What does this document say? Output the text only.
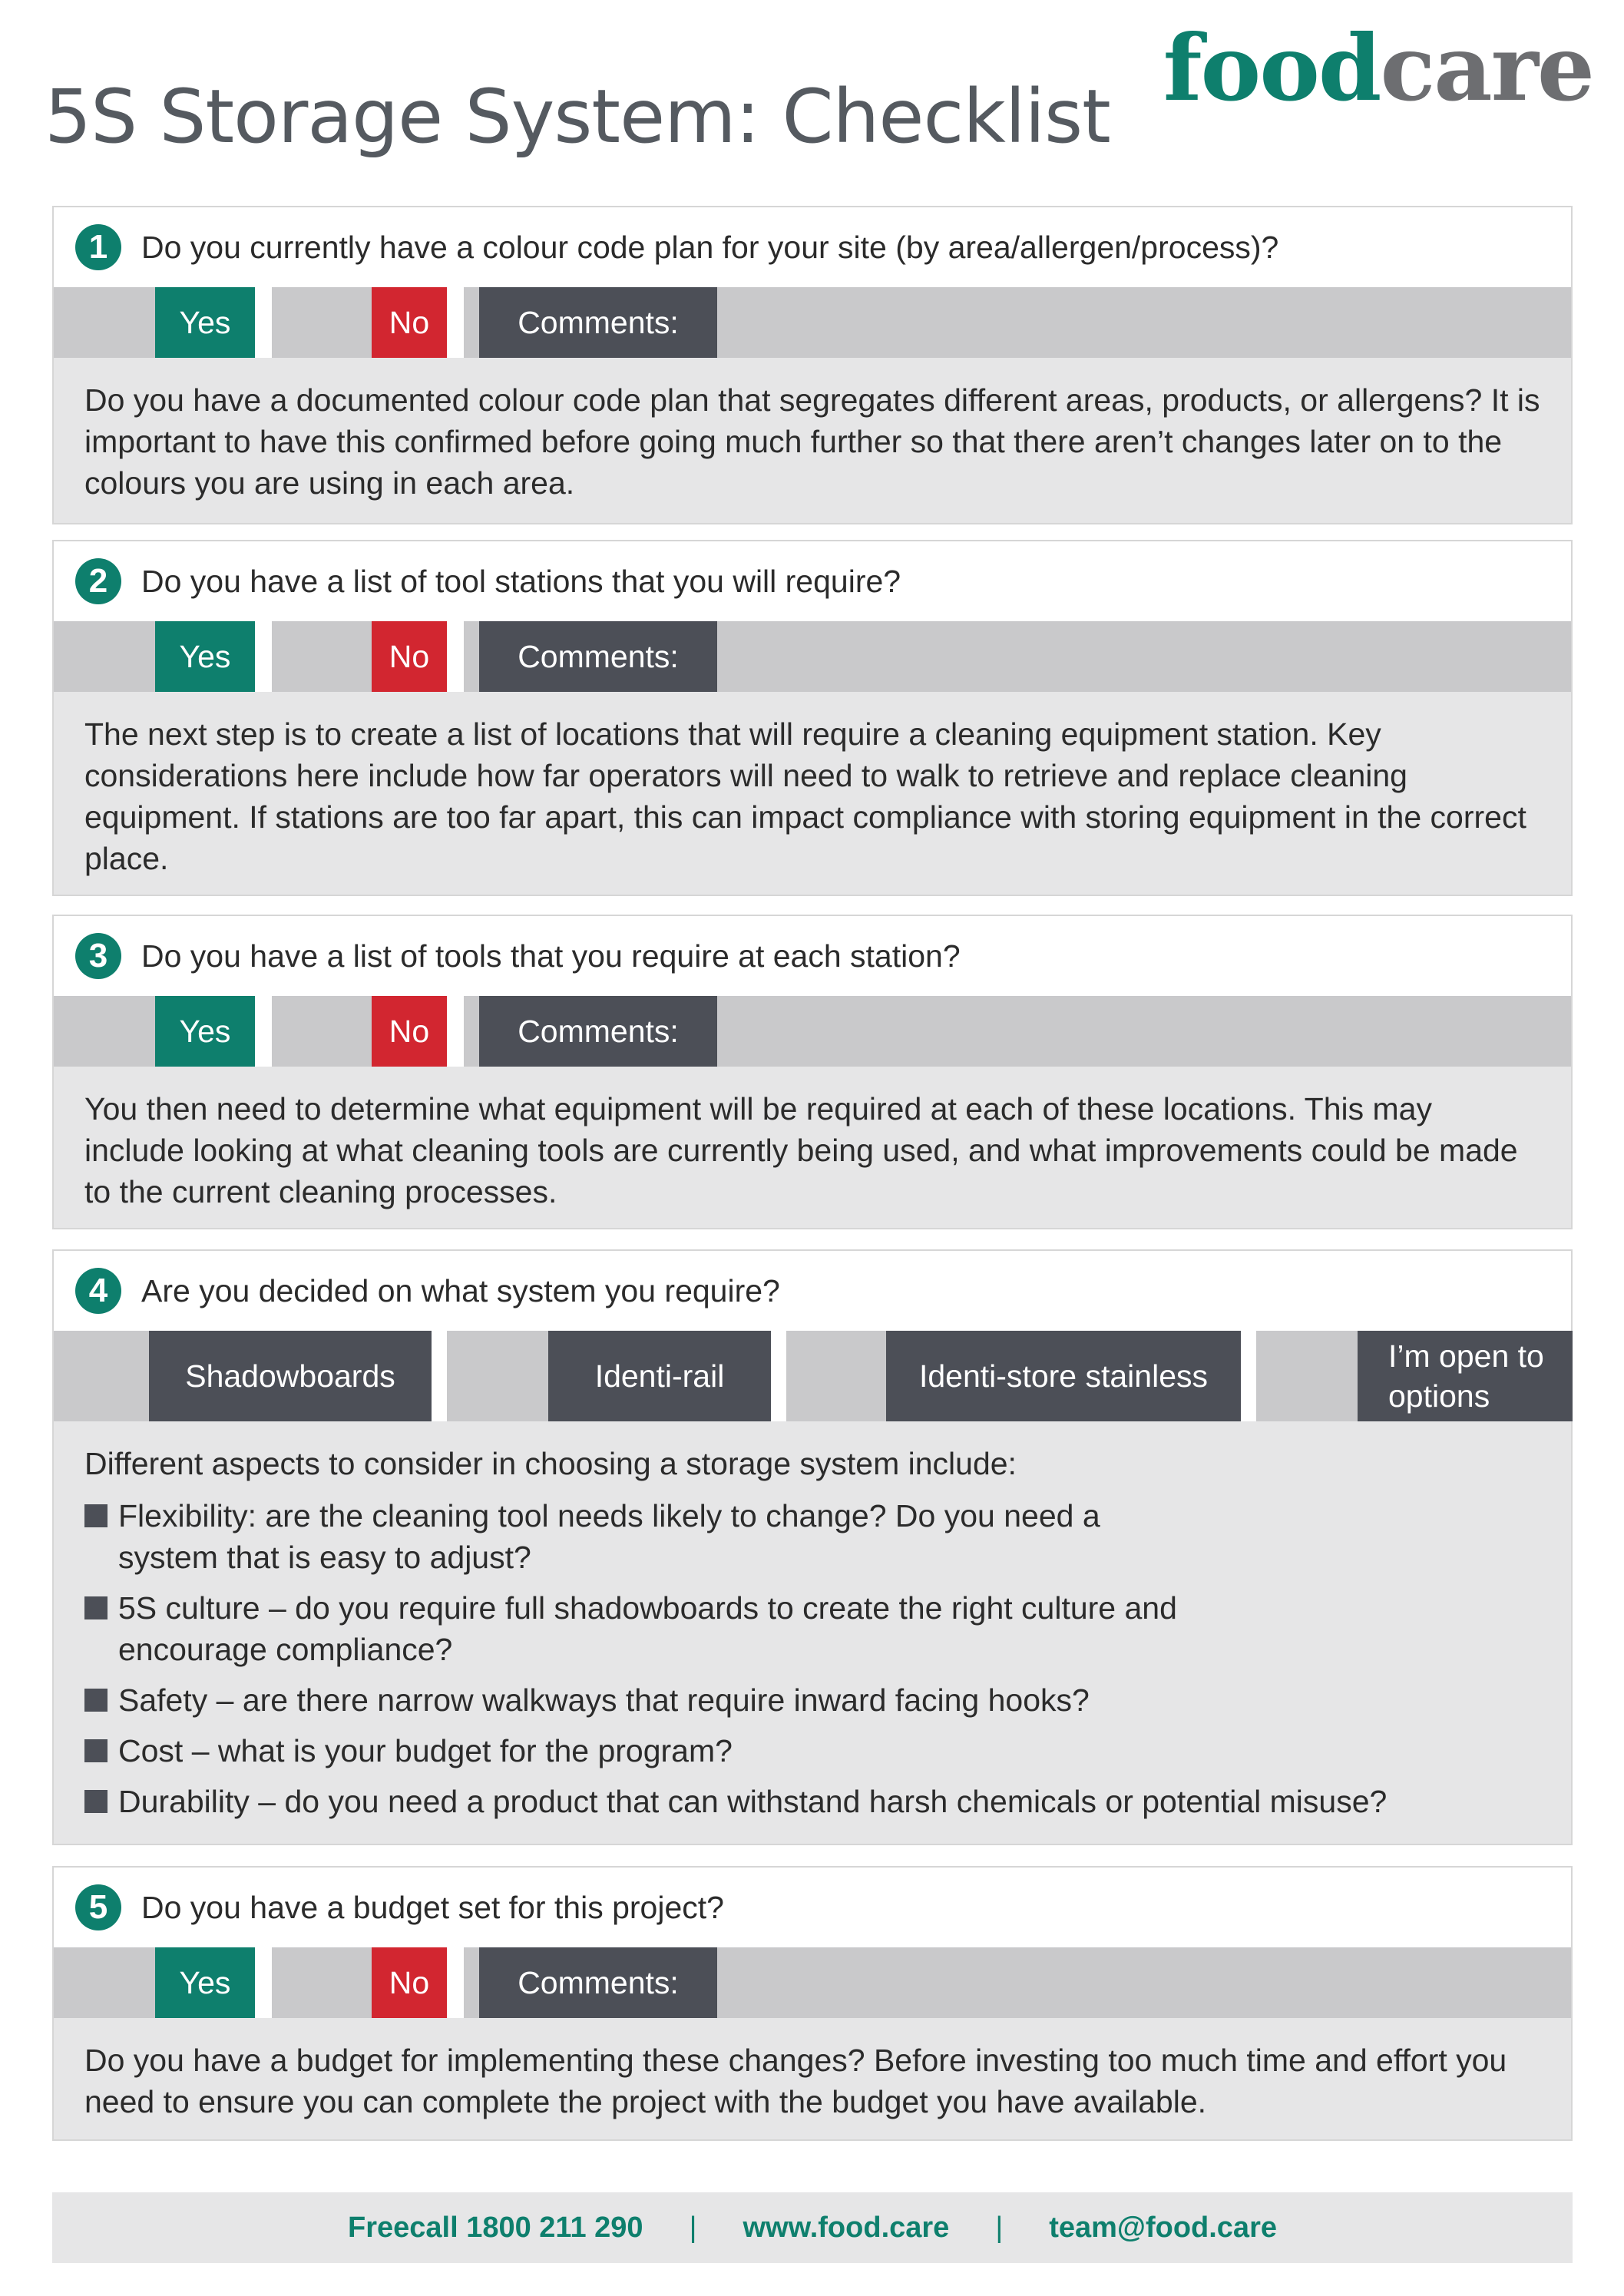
5S Storage System: Checklist foodcare
1	Do you currently have a colour code plan for your site (by area/allergen/process)?
Yes	No	Comments:
Do you have a documented colour code plan that segregates different areas, products, or allergens? It is important to have this confirmed before going much further so that there aren’t changes later on to the colours you are using in each area.
2	Do you have a list of tool stations that you will require?
Yes	No	Comments:
The next step is to create a list of locations that will require a cleaning equipment station. Key considerations here include how far operators will need to walk to retrieve and replace cleaning equipment. If stations are too far apart, this can impact compliance with storing equipment in the correct place.
3	Do you have a list of tools that you require at each station?
Yes	No	Comments:
You then need to determine what equipment will be required at each of these locations. This may include looking at what cleaning tools are currently being used, and what improvements could be made to the current cleaning processes.
4	Are you decided on what system you require?
Shadowboards	Identi-rail	Identi-store stainless
I’m open to options
Different aspects to consider in choosing a storage system include:
Flexibility: are the cleaning tool needs likely to change? Do you need a system that is easy to adjust?
5S culture – do you require full shadowboards to create the right culture and encourage compliance?
Safety – are there narrow walkways that require inward facing hooks?
Cost – what is your budget for the program?
Durability – do you need a product that can withstand harsh chemicals or potential misuse?
5	Do you have a budget set for this project?
Yes	No	Comments:
Do you have a budget for implementing these changes? Before investing too much time and effort you need to ensure you can complete the project with the budget you have available.
Freecall 1800 211 290 | www.food.care | team@food.care
